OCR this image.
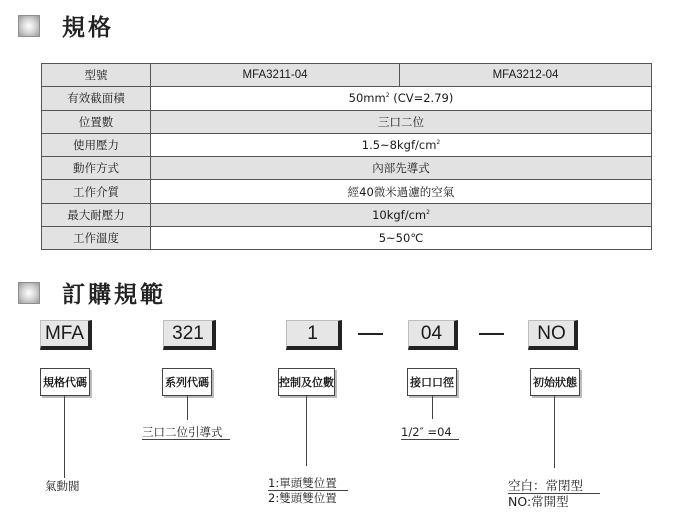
規格
型號	MFA3211-04	MFA3212-04
有效截面積	$50mm^2$ (CV=2.79)	
位置數	三口二位	
使用壓力	$1.5\sim 8kgf/cm^2$
動作方式	內部先導式	
工作介質	經40微米過濾的空氣	
最大耐壓力	$10kgf/cm^2$
工作溫度	5~50℃	
訂購規範
MFA	321	1	04	NO
規格代碼	系列代碼	控制及位數	接口口徑	初始狀態
氣動閥
三口二位引導式
1:單頭雙位置
2:雙頭雙位置
1/2″ =04
空白：常閉型
NO:常開型
